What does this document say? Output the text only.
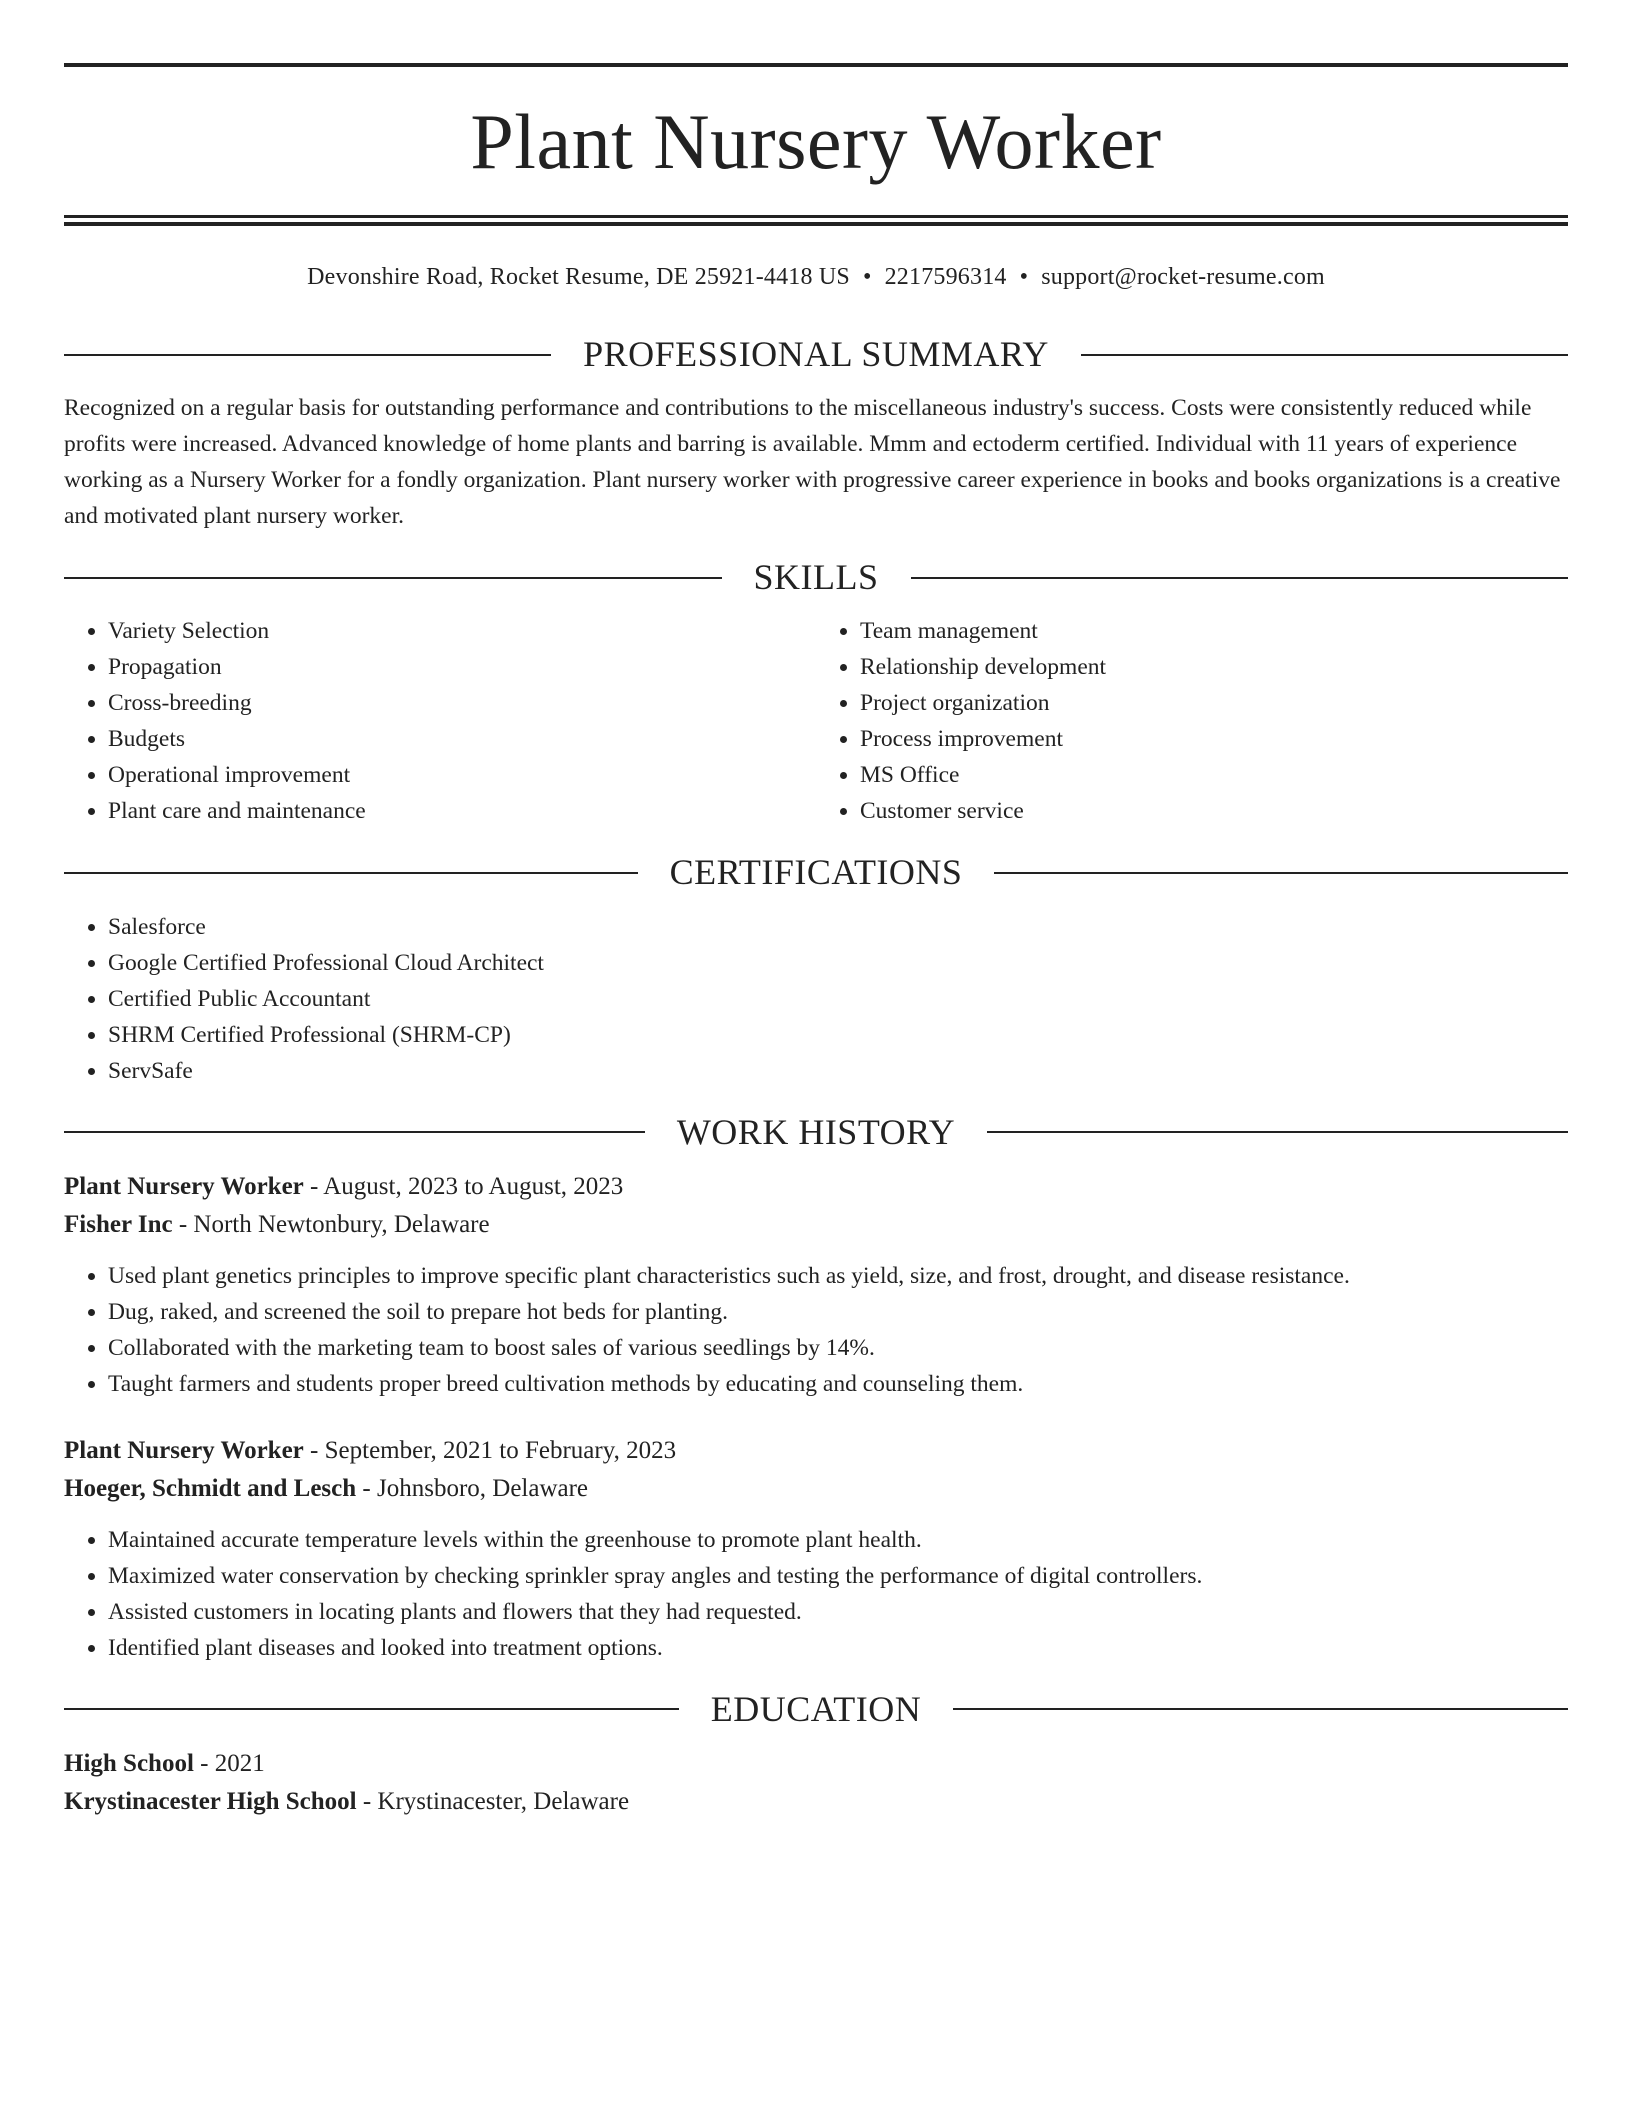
Plant Nursery Worker
Devonshire Road, Rocket Resume, DE 25921-4418 US • 2217596314 • support@rocket-resume.com
PROFESSIONAL SUMMARY
Recognized on a regular basis for outstanding performance and contributions to the miscellaneous industry's success. Costs were consistently reduced while profits were increased. Advanced knowledge of home plants and barring is available. Mmm and ectoderm certified. Individual with 11 years of experience working as a Nursery Worker for a fondly organization. Plant nursery worker with progressive career experience in books and books organizations is a creative and motivated plant nursery worker.
SKILLS
• Variety Selection
• Propagation
• Cross-breeding
• Budgets
• Operational improvement
• Plant care and maintenance
• Team management
• Relationship development
• Project organization
• Process improvement
• MS Office
• Customer service
CERTIFICATIONS
• Salesforce
• Google Certified Professional Cloud Architect
• Certified Public Accountant
• SHRM Certified Professional (SHRM-CP)
• ServSafe
WORK HISTORY
Plant Nursery Worker - August, 2023 to August, 2023
Fisher Inc - North Newtonbury, Delaware
• Used plant genetics principles to improve specific plant characteristics such as yield, size, and frost, drought, and disease resistance.
• Dug, raked, and screened the soil to prepare hot beds for planting.
• Collaborated with the marketing team to boost sales of various seedlings by 14%.
• Taught farmers and students proper breed cultivation methods by educating and counseling them.
Plant Nursery Worker - September, 2021 to February, 2023
Hoeger, Schmidt and Lesch - Johnsboro, Delaware
• Maintained accurate temperature levels within the greenhouse to promote plant health.
• Maximized water conservation by checking sprinkler spray angles and testing the performance of digital controllers.
• Assisted customers in locating plants and flowers that they had requested.
• Identified plant diseases and looked into treatment options.
EDUCATION
High School - 2021
Krystinacester High School - Krystinacester, Delaware
